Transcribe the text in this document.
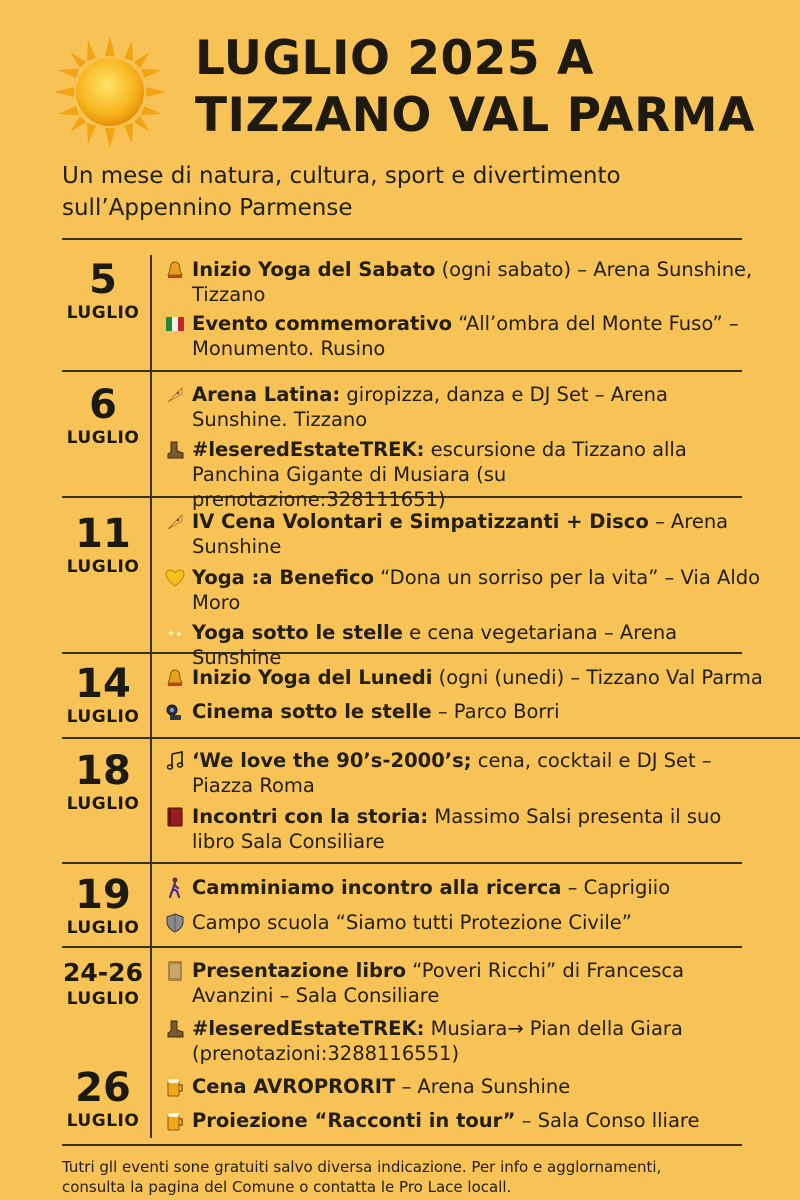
LUGLIO 2025 A
TIZZANO VAL PARMA
Un mese di natura, cultura, sport e divertimento
sull’Appennino Parmense
5
LUGLIO
6
LUGLIO
11
LUGLIO
14
LUGLIO
18
LUGLIO
19
LUGLIO
24-26
LUGLIO
26
LUGLIO
Inizio Yoga del Sabato (ogni sabato) – Arena Sunshine, Tizzano
Evento commemorativo “All’ombra del Monte Fuso” – Monumento. Rusino
Arena Latina: giropizza, danza e DJ Set – Arena Sunshine. Tizzano
#leseredEstateTREK: escursione da Tizzano alla Panchina Gigante di Musiara (su prenotazione:328111651)
IV Cena Volontari e Simpatizzanti + Disco – Arena Sunshine
Yoga :a Benefico “Dona un sorriso per la vita” – Via Aldo Moro
Yoga sotto le stelle e cena vegetariana – Arena Sunshine
Inizio Yoga del Lunedi (ogni (unedi) – Tizzano Val Parma
Cinema sotto le stelle – Parco Borri
‘We love the 90’s-2000’s; cena, cocktail e DJ Set – Piazza Roma
Incontri con la storia: Massimo Salsi presenta il suo libro Sala Consiliare
Camminiamo incontro alla ricerca – Caprigiio
Campo scuola “Siamo tutti Protezione Civile”
Presentazione libro “Poveri Ricchi” di Francesca Avanzini – Sala Consiliare
#leseredEstateTREK: Musiara→ Pian della Giara (prenotazioni:3288116551)
Cena AVROPRORIT – Arena Sunshine
Proiezione “Racconti in tour” – Sala Conso lliare
Tutri gll eventi sone gratuiti salvo diversa indicazione. Per info e agglornamenti,
consulta la pagina del Comune o contatta le Pro Lace locall.
